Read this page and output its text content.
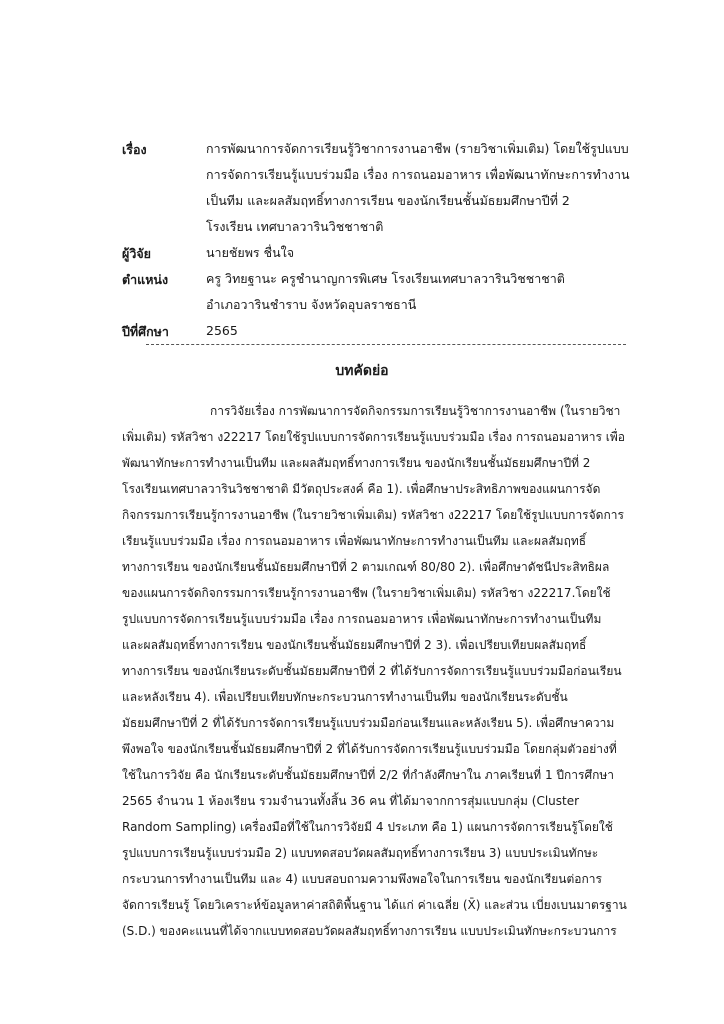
เรื่อง	การพัฒนาการจัดการเรียนรู้วิชาการงานอาชีพ (รายวิชาเพิ่มเติม) โดยใช้รูปแบบ
การจัดการเรียนรู้แบบร่วมมือ เรื่อง การถนอมอาหาร เพื่อพัฒนาทักษะการทำงาน
เป็นทีม และผลสัมฤทธิ์ทางการเรียน ของนักเรียนชั้นมัธยมศึกษาปีที่ 2
โรงเรียน เทศบาลวารินวิชชาชาติ
ผู้วิจัย	นายชัยพร ชื่นใจ
ตำแหน่ง	ครู วิทยฐานะ ครูชำนาญการพิเศษ โรงเรียนเทศบาลวารินวิชชาชาติ
อำเภอวารินชำราบ จังหวัดอุบลราชธานี
ปีที่ศึกษา	2565
บทคัดย่อ
การวิจัยเรื่อง การพัฒนาการจัดกิจกรรมการเรียนรู้วิชาการงานอาชีพ (ในรายวิชา
เพิ่มเติม) รหัสวิชา ง22217 โดยใช้รูปแบบการจัดการเรียนรู้แบบร่วมมือ เรื่อง การถนอมอาหาร เพื่อ
พัฒนาทักษะการทำงานเป็นทีม และผลสัมฤทธิ์ทางการเรียน ของนักเรียนชั้นมัธยมศึกษาปีที่ 2
โรงเรียนเทศบาลวารินวิชชาชาติ มีวัตถุประสงค์ คือ 1). เพื่อศึกษาประสิทธิภาพของแผนการจัด
กิจกรรมการเรียนรู้การงานอาชีพ (ในรายวิชาเพิ่มเติม) รหัสวิชา ง22217 โดยใช้รูปแบบการจัดการ
เรียนรู้แบบร่วมมือ เรื่อง การถนอมอาหาร เพื่อพัฒนาทักษะการทำงานเป็นทีม และผลสัมฤทธิ์
ทางการเรียน ของนักเรียนชั้นมัธยมศึกษาปีที่ 2 ตามเกณฑ์ 80/80 2). เพื่อศึกษาดัชนีประสิทธิผล
ของแผนการจัดกิจกรรมการเรียนรู้การงานอาชีพ (ในรายวิชาเพิ่มเติม) รหัสวิชา ง22217.โดยใช้
รูปแบบการจัดการเรียนรู้แบบร่วมมือ เรื่อง การถนอมอาหาร เพื่อพัฒนาทักษะการทำงานเป็นทีม
และผลสัมฤทธิ์ทางการเรียน ของนักเรียนชั้นมัธยมศึกษาปีที่ 2 3). เพื่อเปรียบเทียบผลสัมฤทธิ์
ทางการเรียน ของนักเรียนระดับชั้นมัธยมศึกษาปีที่ 2 ที่ได้รับการจัดการเรียนรู้แบบร่วมมือก่อนเรียน
และหลังเรียน 4). เพื่อเปรียบเทียบทักษะกระบวนการทำงานเป็นทีม ของนักเรียนระดับชั้น
มัธยมศึกษาปีที่ 2 ที่ได้รับการจัดการเรียนรู้แบบร่วมมือก่อนเรียนและหลังเรียน 5). เพื่อศึกษาความ
พึงพอใจ ของนักเรียนชั้นมัธยมศึกษาปีที่ 2 ที่ได้รับการจัดการเรียนรู้แบบร่วมมือ โดยกลุ่มตัวอย่างที่
ใช้ในการวิจัย คือ นักเรียนระดับชั้นมัธยมศึกษาปีที่ 2/2 ที่กำลังศึกษาใน ภาคเรียนที่ 1 ปีการศึกษา
2565 จำนวน 1 ห้องเรียน รวมจำนวนทั้งสิ้น 36 คน ที่ได้มาจากการสุ่มแบบกลุ่ม (Cluster
Random Sampling) เครื่องมือที่ใช้ในการวิจัยมี 4 ประเภท คือ 1) แผนการจัดการเรียนรู้โดยใช้
รูปแบบการเรียนรู้แบบร่วมมือ 2) แบบทดสอบวัดผลสัมฤทธิ์ทางการเรียน 3) แบบประเมินทักษะ
กระบวนการทำงานเป็นทีม และ 4) แบบสอบถามความพึงพอใจในการเรียน ของนักเรียนต่อการ
จัดการเรียนรู้ โดยวิเคราะห์ข้อมูลหาค่าสถิติพื้นฐาน ได้แก่ ค่าเฉลี่ย (X̄) และส่วน เบี่ยงเบนมาตรฐาน
(S.D.) ของคะแนนที่ได้จากแบบทดสอบวัดผลสัมฤทธิ์ทางการเรียน แบบประเมินทักษะกระบวนการ
